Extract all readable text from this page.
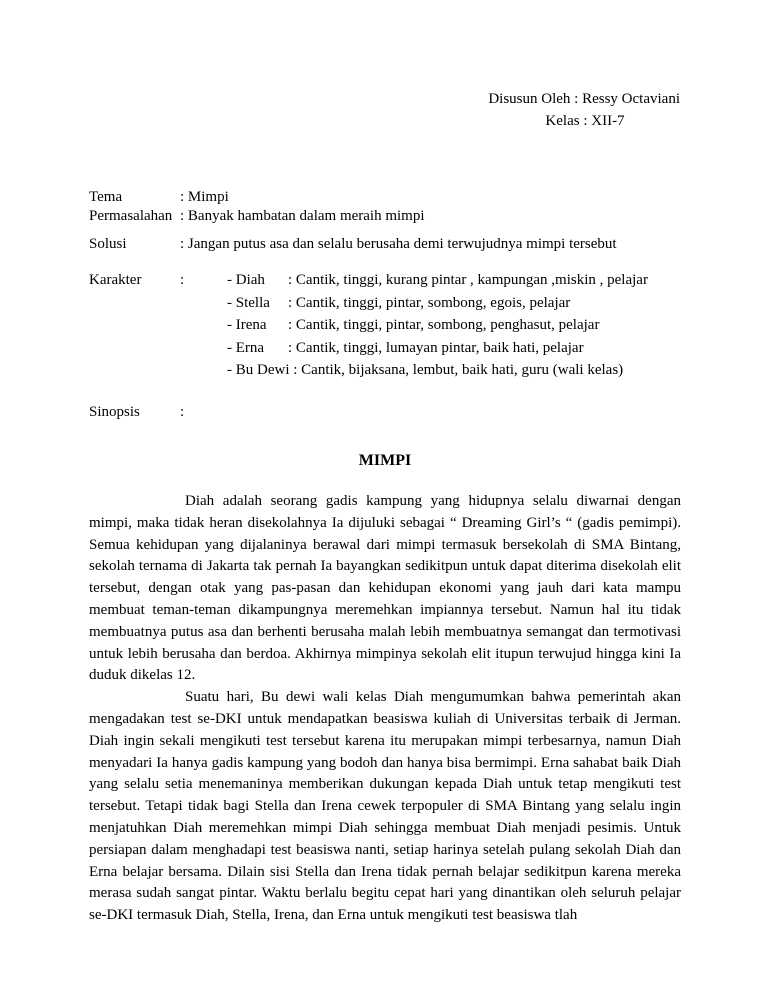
Disusun Oleh : Ressy Octaviani
Kelas : XII-7
Tema	: Mimpi
Permasalahan : Banyak hambatan dalam meraih mimpi
Solusi	: Jangan putus asa dan selalu berusaha demi terwujudnya mimpi tersebut
Karakter	:	- Diah : Cantik, tinggi, kurang pintar , kampungan ,miskin , pelajar
- Stella : Cantik, tinggi, pintar, sombong, egois, pelajar
- Irena : Cantik, tinggi, pintar, sombong, penghasut, pelajar
- Erna : Cantik, tinggi, lumayan pintar, baik hati, pelajar
- Bu Dewi : Cantik, bijaksana, lembut, baik hati, guru (wali kelas)
Sinopsis	:
MIMPI

Diah adalah seorang gadis kampung yang hidupnya selalu diwarnai dengan mimpi, maka tidak heran disekolahnya Ia dijuluki sebagai “ Dreaming Girl’s “ (gadis pemimpi). Semua kehidupan yang dijalaninya berawal dari mimpi termasuk bersekolah di SMA Bintang, sekolah ternama di Jakarta tak pernah Ia bayangkan sedikitpun untuk dapat diterima disekolah elit tersebut, dengan otak yang pas-pasan dan kehidupan ekonomi yang jauh dari kata mampu membuat teman-teman dikampungnya meremehkan impiannya tersebut. Namun hal itu tidak membuatnya putus asa dan berhenti berusaha malah lebih membuatnya semangat dan termotivasi untuk lebih berusaha dan berdoa. Akhirnya mimpinya sekolah elit itupun terwujud hingga kini Ia duduk dikelas 12.

Suatu hari, Bu dewi wali kelas Diah mengumumkan bahwa pemerintah akan mengadakan test se-DKI untuk mendapatkan beasiswa kuliah di Universitas terbaik di Jerman. Diah ingin sekali mengikuti test tersebut karena itu merupakan mimpi terbesarnya, namun Diah menyadari Ia hanya gadis kampung yang bodoh dan hanya bisa bermimpi. Erna sahabat baik Diah yang selalu setia menemaninya memberikan dukungan kepada Diah untuk tetap mengikuti test tersebut. Tetapi tidak bagi Stella dan Irena cewek terpopuler di SMA Bintang yang selalu ingin menjatuhkan Diah meremehkan mimpi Diah sehingga membuat Diah menjadi pesimis. Untuk persiapan dalam menghadapi test beasiswa nanti, setiap harinya setelah pulang sekolah Diah dan Erna belajar bersama. Dilain sisi Stella dan Irena tidak pernah belajar sedikitpun karena mereka merasa sudah sangat pintar. Waktu berlalu begitu cepat hari yang dinantikan oleh seluruh pelajar se-DKI termasuk Diah, Stella, Irena, dan Erna untuk mengikuti test beasiswa tlah
